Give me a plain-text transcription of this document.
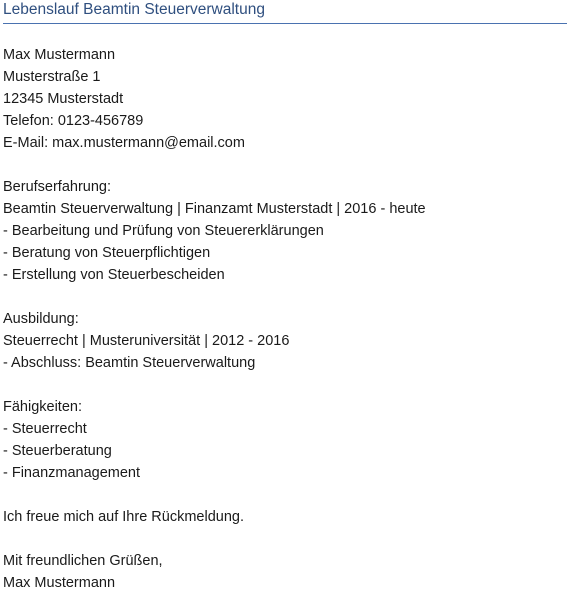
Lebenslauf Beamtin Steuerverwaltung
Max Mustermann
Musterstraße 1
12345 Musterstadt
Telefon: 0123-456789
E-Mail: max.mustermann@email.com
Berufserfahrung:
Beamtin Steuerverwaltung | Finanzamt Musterstadt | 2016 - heute
- Bearbeitung und Prüfung von Steuererklärungen
- Beratung von Steuerpflichtigen
- Erstellung von Steuerbescheiden
Ausbildung:
Steuerrecht | Musteruniversität | 2012 - 2016
- Abschluss: Beamtin Steuerverwaltung
Fähigkeiten:
- Steuerrecht
- Steuerberatung
- Finanzmanagement
Ich freue mich auf Ihre Rückmeldung.
Mit freundlichen Grüßen,
Max Mustermann
